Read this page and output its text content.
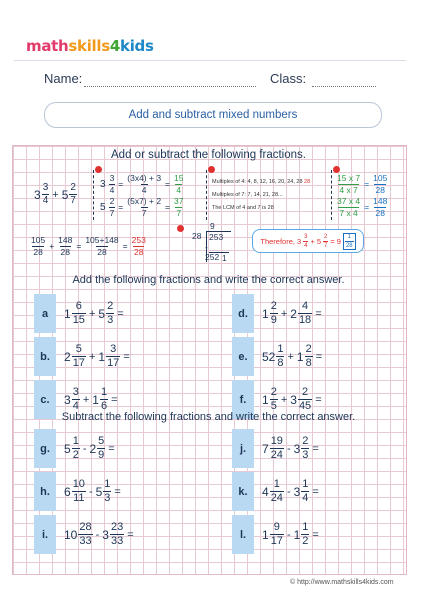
mathskills4kids
Name:	Class:
Add and subtract mixed numbers
Add or subtract the following fractions.
$3 \frac{3}{4} + 5 \frac{2}{7} 3 \frac{3}{4} = \frac{(3x4) + 3}{4} = \frac{15}{4}$
$5 \frac{2}{7} = \frac{(5x7) + 2}{7} = \frac{37}{7}$
Multiples of 4: 4, 8, 12, 16, 20, 24, 28 28
Multiples of 7: 7, 14, 21, 28...
The LCM of 4 and 7 is 28
$\frac{15 x 7}{4 x 7} = \frac{105}{28}$
$\frac{37 x 4}{7 x 4} = \frac{148}{28}$
$\frac{105}{28} + \frac{148}{28} = \frac{105+148}{28} = \frac{253}{28}$
9
28 253
- 252 1
Therefore, $3 \frac{3}{4} + 5 \frac{2}{7} = 9 \frac{1}{28}$
Add the following fractions and write the correct answer.
a	$1 \frac{6}{15} + 5 \frac{2}{3}$ =	d.	$1 \frac{2}{9} + 2 \frac{4}{18}$ =
b.	$2 \frac{5}{17} + 1 \frac{3}{17}$ =	e.	$52 \frac{1}{8} + 1 \frac{2}{8}$ =
c.	$3 \frac{3}{4} + 1 \frac{1}{6}$ =	f.	$1 \frac{2}{5} + 3 \frac{2}{45}$ =
Subtract the following fractions and write the correct answer.
g.	$5 \frac{1}{2} - 2 \frac{5}{9}$ =	j.	$7 \frac{19}{24} - 3 \frac{2}{3}$ =
h.	$6 \frac{10}{11} - 5 \frac{1}{3}$ =	k.	$4 \frac{1}{24} - 3 \frac{1}{4}$ =
i.	$10 \frac{28}{33} - 3 \frac{23}{33}$ =	l.	$1 \frac{9}{17} - 1 \frac{1}{2}$ =
© http://www.mathskills4kids.com
